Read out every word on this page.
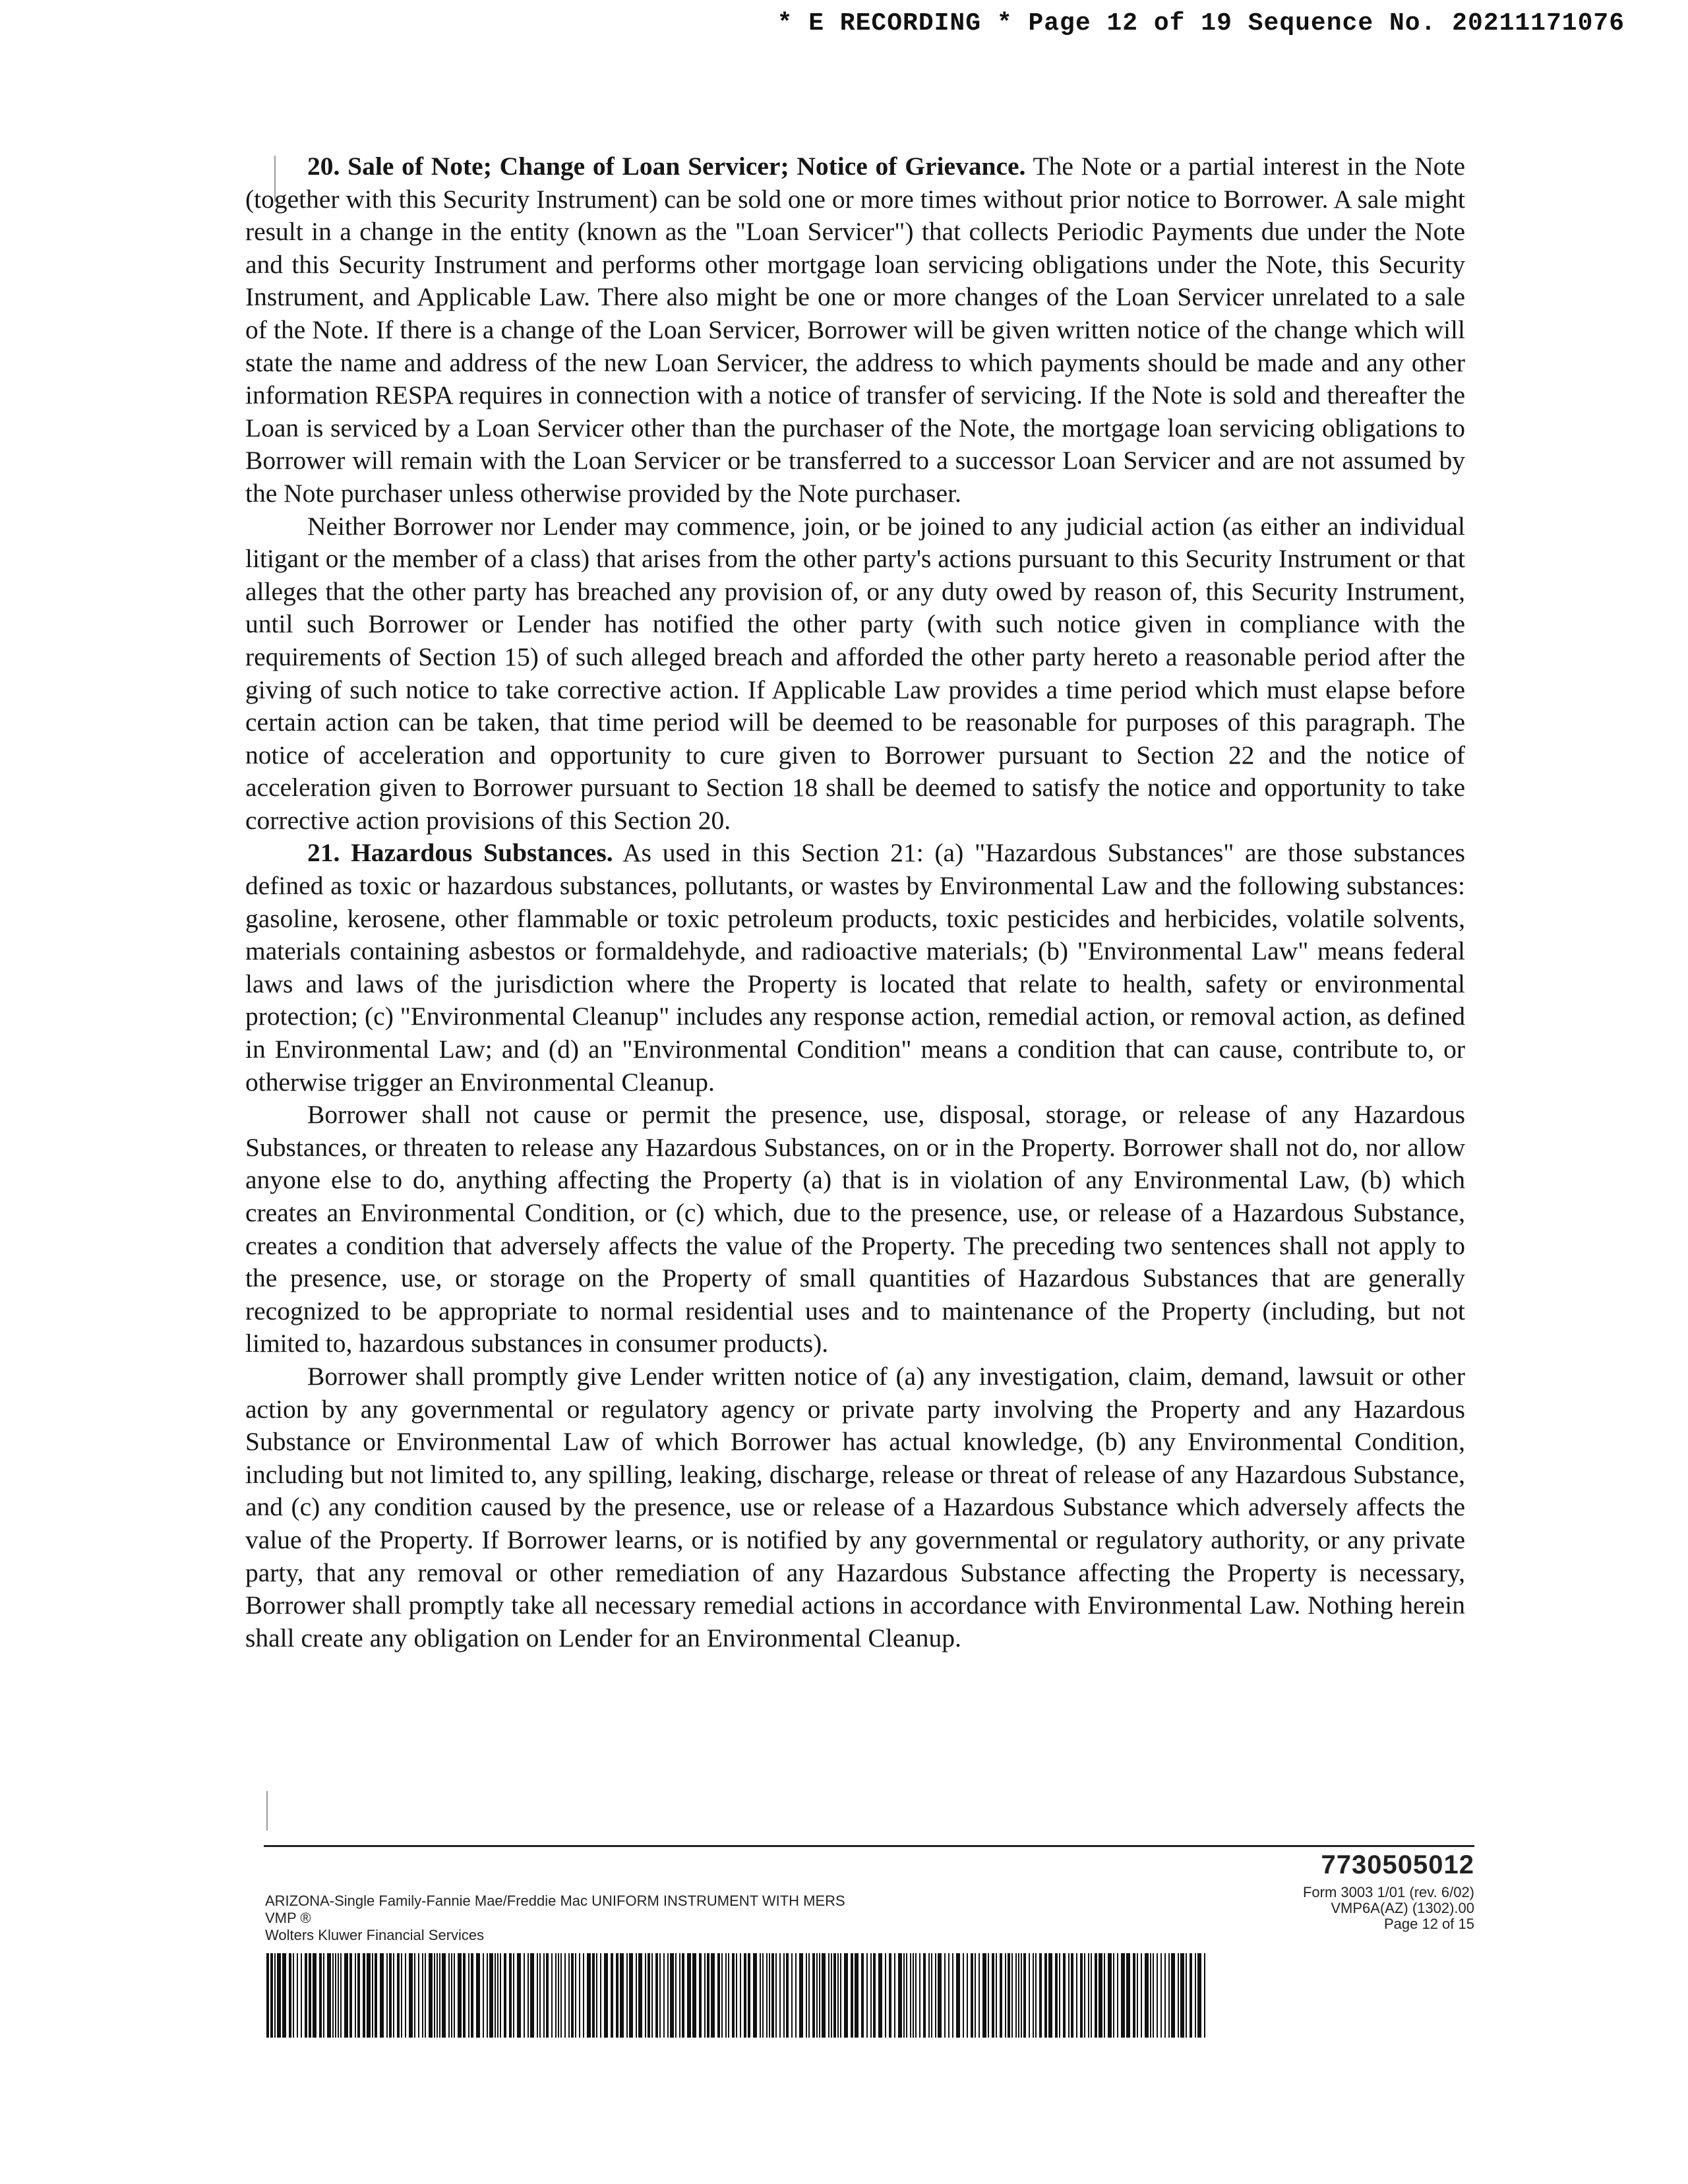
* E RECORDING * Page 12 of 19 Sequence No. 20211171076

20. Sale of Note; Change of Loan Servicer; Notice of Grievance. The Note or a partial interest in the Note (together with this Security Instrument) can be sold one or more times without prior notice to Borrower. A sale might result in a change in the entity (known as the "Loan Servicer") that collects Periodic Payments due under the Note and this Security Instrument and performs other mortgage loan servicing obligations under the Note, this Security Instrument, and Applicable Law. There also might be one or more changes of the Loan Servicer unrelated to a sale of the Note. If there is a change of the Loan Servicer, Borrower will be given written notice of the change which will state the name and address of the new Loan Servicer, the address to which payments should be made and any other information RESPA requires in connection with a notice of transfer of servicing. If the Note is sold and thereafter the Loan is serviced by a Loan Servicer other than the purchaser of the Note, the mortgage loan servicing obligations to Borrower will remain with the Loan Servicer or be transferred to a successor Loan Servicer and are not assumed by the Note purchaser unless otherwise provided by the Note purchaser.

Neither Borrower nor Lender may commence, join, or be joined to any judicial action (as either an individual litigant or the member of a class) that arises from the other party's actions pursuant to this Security Instrument or that alleges that the other party has breached any provision of, or any duty owed by reason of, this Security Instrument, until such Borrower or Lender has notified the other party (with such notice given in compliance with the requirements of Section 15) of such alleged breach and afforded the other party hereto a reasonable period after the giving of such notice to take corrective action. If Applicable Law provides a time period which must elapse before certain action can be taken, that time period will be deemed to be reasonable for purposes of this paragraph. The notice of acceleration and opportunity to cure given to Borrower pursuant to Section 22 and the notice of acceleration given to Borrower pursuant to Section 18 shall be deemed to satisfy the notice and opportunity to take corrective action provisions of this Section 20.

21. Hazardous Substances. As used in this Section 21: (a) "Hazardous Substances" are those substances defined as toxic or hazardous substances, pollutants, or wastes by Environmental Law and the following substances: gasoline, kerosene, other flammable or toxic petroleum products, toxic pesticides and herbicides, volatile solvents, materials containing asbestos or formaldehyde, and radioactive materials; (b) "Environmental Law" means federal laws and laws of the jurisdiction where the Property is located that relate to health, safety or environmental protection; (c) "Environmental Cleanup" includes any response action, remedial action, or removal action, as defined in Environmental Law; and (d) an "Environmental Condition" means a condition that can cause, contribute to, or otherwise trigger an Environmental Cleanup.

Borrower shall not cause or permit the presence, use, disposal, storage, or release of any Hazardous Substances, or threaten to release any Hazardous Substances, on or in the Property. Borrower shall not do, nor allow anyone else to do, anything affecting the Property (a) that is in violation of any Environmental Law, (b) which creates an Environmental Condition, or (c) which, due to the presence, use, or release of a Hazardous Substance, creates a condition that adversely affects the value of the Property. The preceding two sentences shall not apply to the presence, use, or storage on the Property of small quantities of Hazardous Substances that are generally recognized to be appropriate to normal residential uses and to maintenance of the Property (including, but not limited to, hazardous substances in consumer products).

Borrower shall promptly give Lender written notice of (a) any investigation, claim, demand, lawsuit or other action by any governmental or regulatory agency or private party involving the Property and any Hazardous Substance or Environmental Law of which Borrower has actual knowledge, (b) any Environmental Condition, including but not limited to, any spilling, leaking, discharge, release or threat of release of any Hazardous Substance, and (c) any condition caused by the presence, use or release of a Hazardous Substance which adversely affects the value of the Property. If Borrower learns, or is notified by any governmental or regulatory authority, or any private party, that any removal or other remediation of any Hazardous Substance affecting the Property is necessary, Borrower shall promptly take all necessary remedial actions in accordance with Environmental Law. Nothing herein shall create any obligation on Lender for an Environmental Cleanup.

7730505012
ARIZONA-Single Family-Fannie Mae/Freddie Mac UNIFORM INSTRUMENT WITH MERS
VMP ®
Wolters Kluwer Financial Services
Form 3003 1/01 (rev. 6/02)
VMP6A(AZ) (1302).00
Page 12 of 15
